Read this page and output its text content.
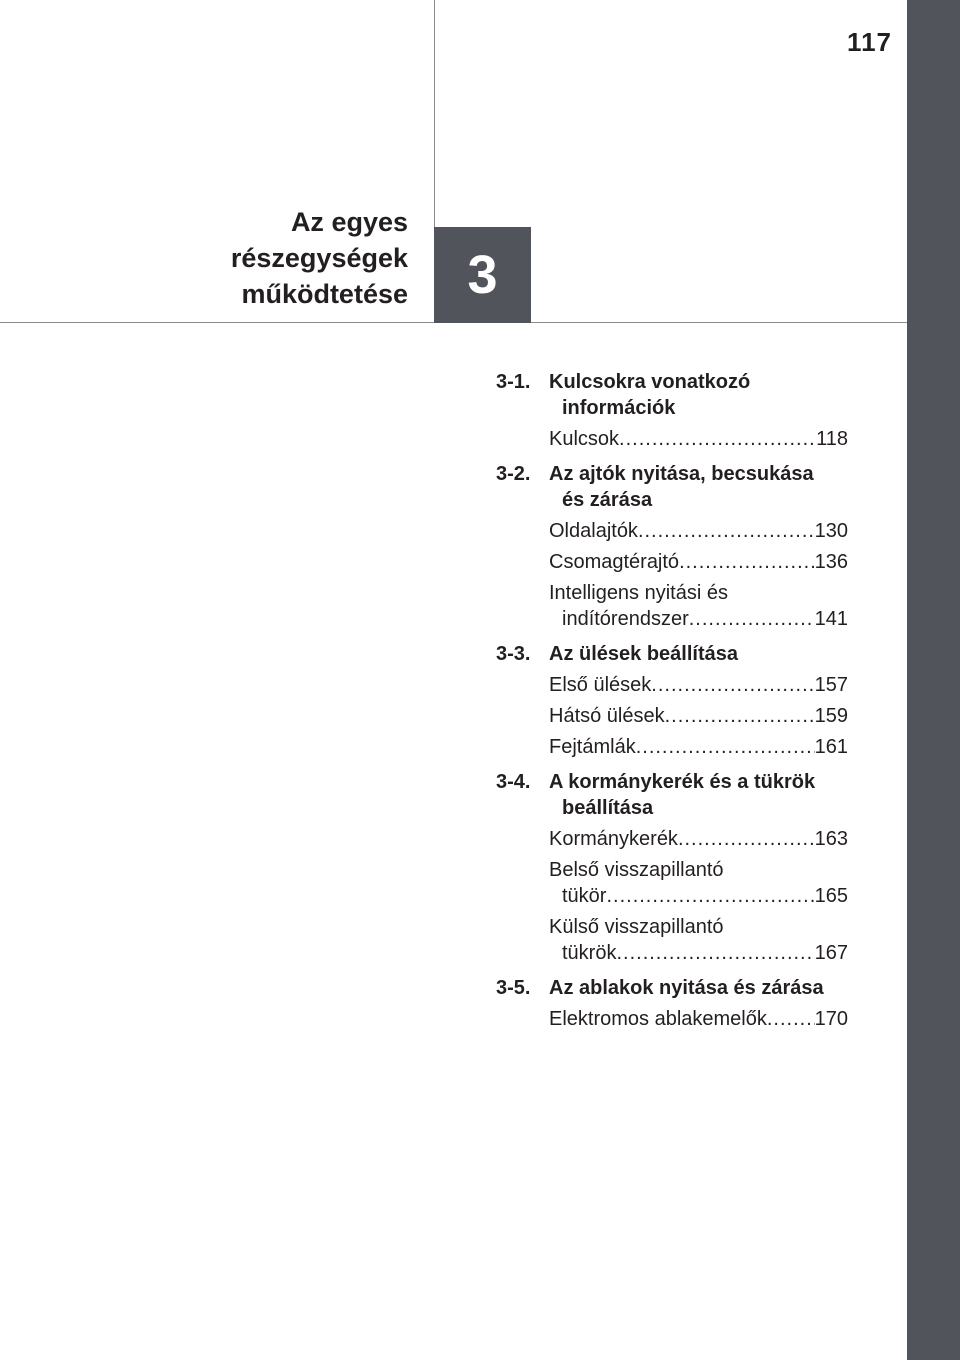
117
3
Az egyes
részegységek
működtetése
3-1. Kulcsokra vonatkozó
információk
Kulcsok .....	118
3-2. Az ajtók nyitása, becsukása
és zárása
Oldalajtók .....	130
Csomagtérajtó .....	136
Intelligens nyitási és
indítórendszer .....	141
3-3. Az ülések beállítása
Első ülések .....	157
Hátsó ülések .....	159
Fejtámlák .....	161
3-4. A kormánykerék és a tükrök
beállítása
Kormánykerék .....	163
Belső visszapillantó
tükör .....	165
Külső visszapillantó
tükrök .....	167
3-5. Az ablakok nyitása és zárása
Elektromos ablakemelők ..... 170
carmanualsonline.info
